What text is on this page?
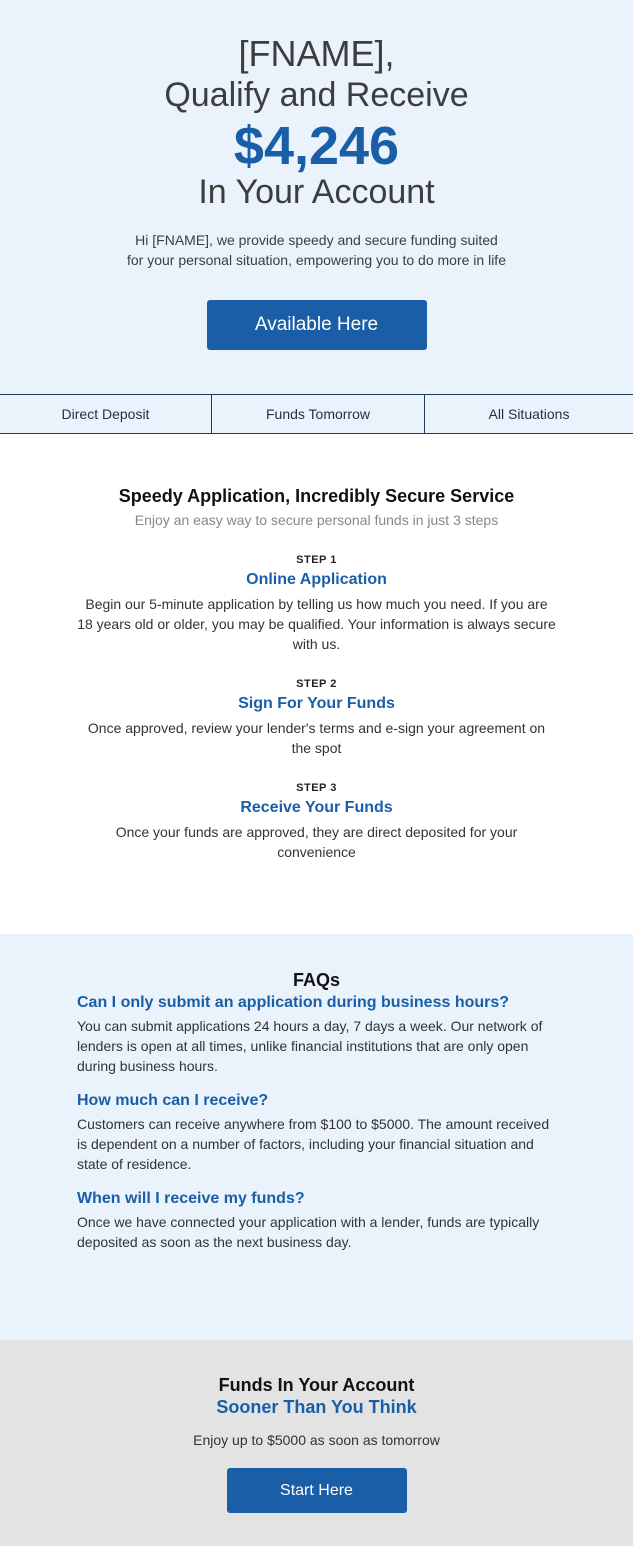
[FNAME],
Qualify and Receive
$4,246
In Your Account
Hi [FNAME], we provide speedy and secure funding suited
for your personal situation, empowering you to do more in life
Available Here
Direct Deposit	Funds Tomorrow	All Situations
Speedy Application, Incredibly Secure Service
Enjoy an easy way to secure personal funds in just 3 steps
STEP 1
Online Application
Begin our 5-minute application by telling us how much you need. If you are 18 years old or older, you may be qualified. Your information is always secure with us.
STEP 2
Sign For Your Funds
Once approved, review your lender's terms and e-sign your agreement on the spot
STEP 3
Receive Your Funds
Once your funds are approved, they are direct deposited for your convenience
FAQs
Can I only submit an application during business hours?
You can submit applications 24 hours a day, 7 days a week. Our network of lenders is open at all times, unlike financial institutions that are only open during business hours.
How much can I receive?
Customers can receive anywhere from $100 to $5000. The amount received is dependent on a number of factors, including your financial situation and state of residence.
When will I receive my funds?
Once we have connected your application with a lender, funds are typically deposited as soon as the next business day.
Funds In Your Account
Sooner Than You Think
Enjoy up to $5000 as soon as tomorrow
Start Here
